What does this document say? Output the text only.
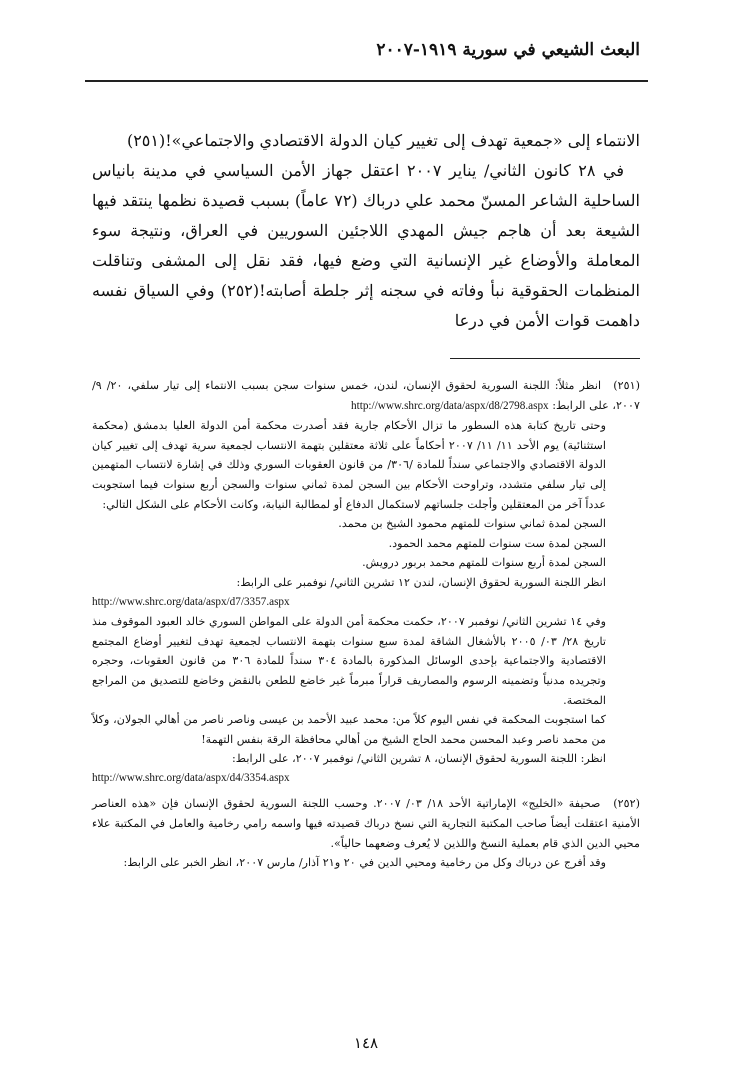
البعث الشيعي في سورية ١٩١٩-٢٠٠٧

الانتماء إلى «جمعية تهدف إلى تغيير كيان الدولة الاقتصادي والاجتماعي»!(٢٥١)

في ٢٨ كانون الثاني/ يناير ٢٠٠٧ اعتقل جهاز الأمن السياسي في مدينة بانياس الساحلية الشاعر المسنّ محمد علي درباك (٧٢ عاماً) بسبب قصيدة نظمها ينتقد فيها الشيعة بعد أن هاجم جيش المهدي اللاجئين السوريين في العراق، ونتيجة سوء المعاملة والأوضاع غير الإنسانية التي وضع فيها، فقد نقل إلى المشفى وتناقلت المنظمات الحقوقية نبأ وفاته في سجنه إثر جلطة أصابته!(٢٥٢) وفي السياق نفسه داهمت قوات الأمن في درعا

(٢٥١) انظر مثلاً: اللجنة السورية لحقوق الإنسان، لندن، خمس سنوات سجن بسبب الانتماء إلى تيار سلفي، ٢٠/ ٩/ ٢٠٠٧، على الرابط: http://www.shrc.org/data/aspx/d8/2798.aspx
وحتى تاريخ كتابة هذه السطور ما تزال الأحكام جارية فقد أصدرت محكمة أمن الدولة العليا بدمشق (محكمة استثنائية) يوم الأحد ١١/ ١١/ ٢٠٠٧ أحكاماً على ثلاثة معتقلين بتهمة الانتساب لجمعية سرية تهدف إلى تغيير كيان الدولة الاقتصادي والاجتماعي سنداً للمادة /٣٠٦/ من قانون العقوبات السوري وذلك في إشارة لانتساب المتهمين إلى تيار سلفي متشدد، وتراوحت الأحكام بين السجن لمدة ثماني سنوات والسجن أربع سنوات فيما استجوبت عدداً آخر من المعتقلين وأجلت جلساتهم لاستكمال الدفاع أو لمطالبة النيابة، وكانت الأحكام على الشكل التالي:
السجن لمدة ثماني سنوات للمتهم محمود الشيخ بن محمد.
السجن لمدة ست سنوات للمتهم محمد الحمود.
السجن لمدة أربع سنوات للمتهم محمد بربور درويش.
انظر اللجنة السورية لحقوق الإنسان، لندن ١٢ تشرين الثاني/ نوفمبر على الرابط:
http://www.shrc.org/data/aspx/d7/3357.aspx
وفي ١٤ تشرين الثاني/ نوفمبر ٢٠٠٧، حكمت محكمة أمن الدولة على المواطن السوري خالد العبود الموقوف منذ تاريخ ٢٨/ ٠٣/ ٢٠٠٥ بالأشغال الشاقة لمدة سبع سنوات بتهمة الانتساب لجمعية تهدف لتغيير أوضاع المجتمع الاقتصادية والاجتماعية بإحدى الوسائل المذكورة بالمادة ٣٠٤ سنداً للمادة ٣٠٦ من قانون العقوبات، وحجره وتجريده مدنياً وتضمينه الرسوم والمصاريف قراراً مبرماً غير خاضع للطعن بالنقض وخاضع للتصديق من المراجع المختصة.
كما استجوبت المحكمة في نفس اليوم كلاً من: محمد عبيد الأحمد بن عيسى وناصر ناصر من أهالي الجولان، وكلاً من محمد ناصر وعبد المحسن محمد الحاج الشيخ من أهالي محافظة الرقة بنفس التهمة!
انظر: اللجنة السورية لحقوق الإنسان، ٨ تشرين الثاني/ نوفمبر ٢٠٠٧، على الرابط:
http://www.shrc.org/data/aspx/d4/3354.aspx
(٢٥٢) صحيفة «الخليج» الإماراتية الأحد ١٨/ ٠٣/ ٢٠٠٧. وحسب اللجنة السورية لحقوق الإنسان فإن «هذه العناصر الأمنية اعتقلت أيضاً صاحب المكتبة التجارية التي نسخ درباك قصيدته فيها واسمه رامي رخامية والعامل في المكتبة علاء محيي الدين الذي قام بعملية النسخ واللذين لا يُعرف وضعهما حالياً».
وقد أفرج عن درباك وكل من رخامية ومحيي الدين في ٢٠ و٢١ آذار/ مارس ٢٠٠٧، انظر الخبر على الرابط:
١٤٨
